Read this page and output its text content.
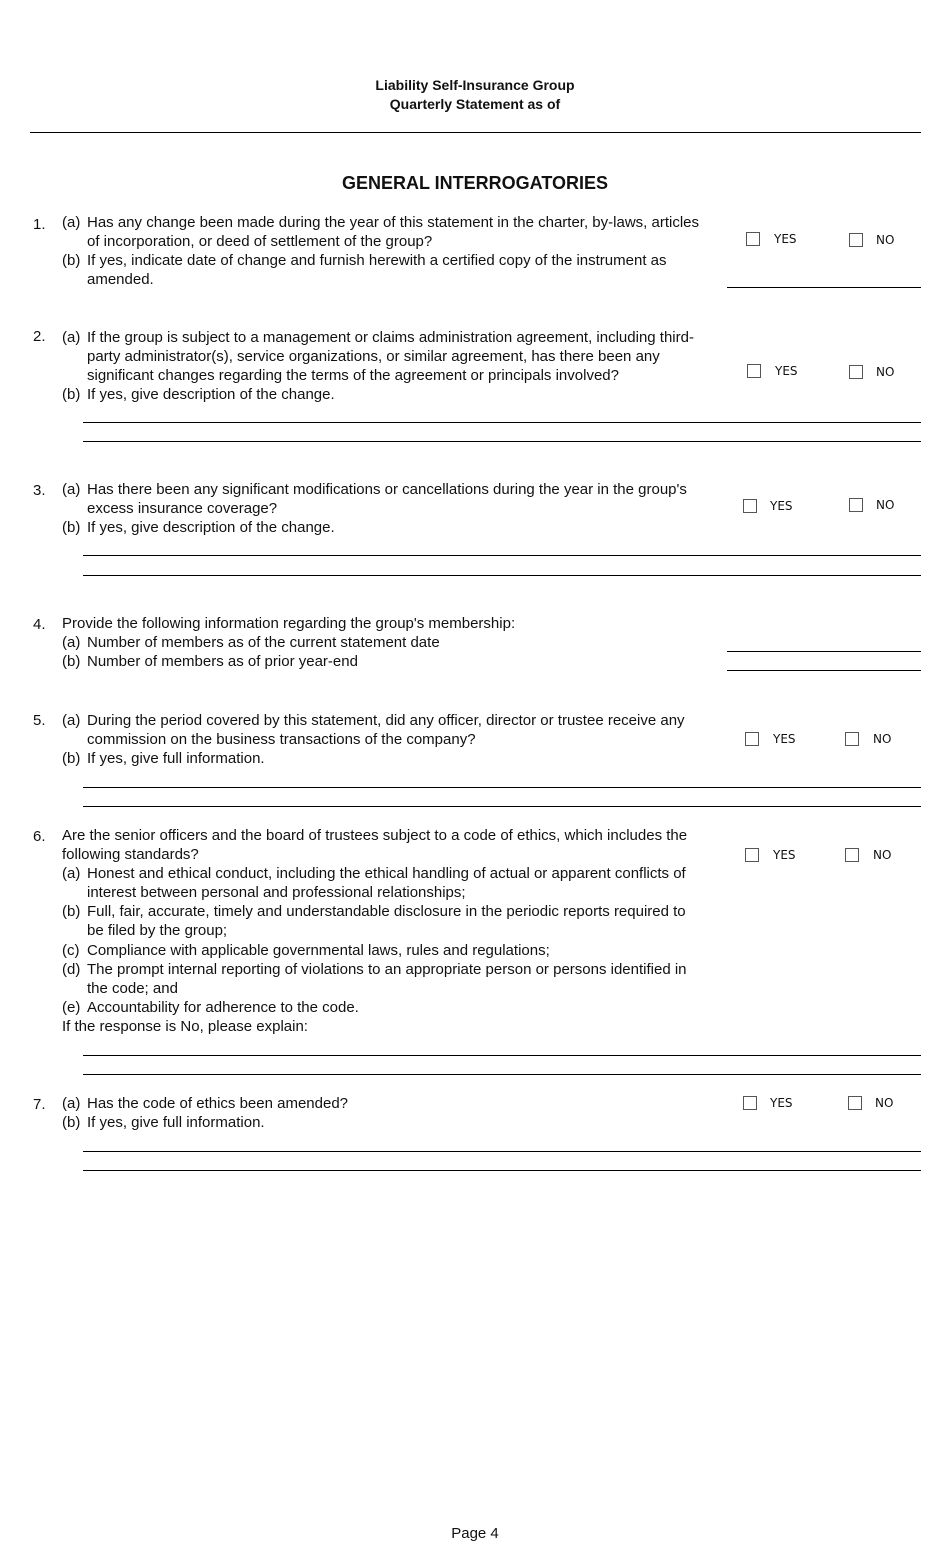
Liability Self-Insurance Group
Quarterly Statement as of
GENERAL INTERROGATORIES
1. (a) Has any change been made during the year of this statement in the charter, by-laws, articles
of incorporation, or deed of settlement of the group?
(b) If yes, indicate date of change and furnish herewith a certified copy of the instrument as
amended.
YES	NO
2. (a) If the group is subject to a management or claims administration agreement, including third-
party administrator(s), service organizations, or similar agreement, has there been any
significant changes regarding the terms of the agreement or principals involved?
(b) If yes, give description of the change.
YES	NO
3. (a) Has there been any significant modifications or cancellations during the year in the group's
excess insurance coverage?
(b) If yes, give description of the change.
YES	NO
4. Provide the following information regarding the group's membership:
(a) Number of members as of the current statement date
(b) Number of members as of prior year-end
5. (a) During the period covered by this statement, did any officer, director or trustee receive any
commission on the business transactions of the company?
(b) If yes, give full information.
YES	NO
6. Are the senior officers and the board of trustees subject to a code of ethics, which includes the
following standards?
(a) Honest and ethical conduct, including the ethical handling of actual or apparent conflicts of
interest between personal and professional relationships;
(b) Full, fair, accurate, timely and understandable disclosure in the periodic reports required to
be filed by the group;
(c) Compliance with applicable governmental laws, rules and regulations;
(d) The prompt internal reporting of violations to an appropriate person or persons identified in
the code; and
(e) Accountability for adherence to the code.
If the response is No, please explain:
YES	NO
7. (a) Has the code of ethics been amended?
(b) If yes, give full information.
YES	NO
Page 4
